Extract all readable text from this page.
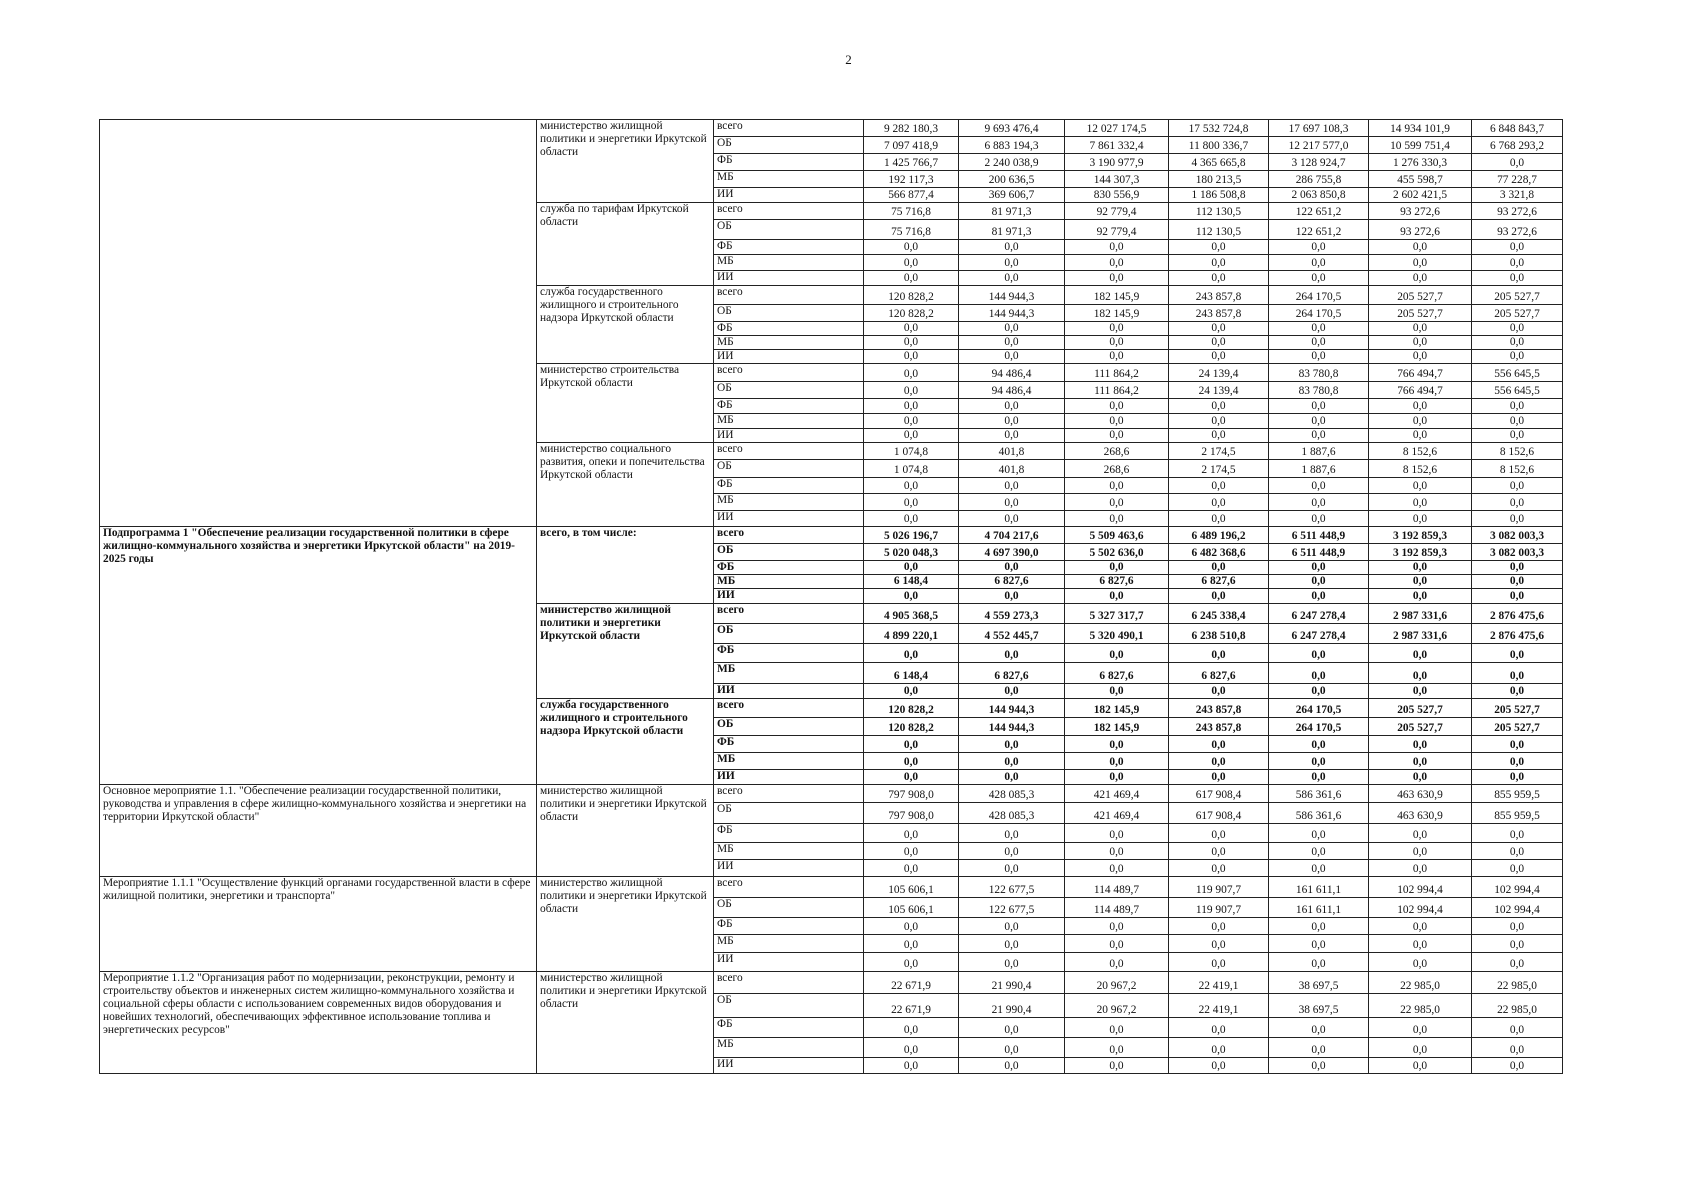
2
	министерство жилищной политики и энергетики Иркутской области	всего	9 282 180,3	9 693 476,4	12 027 174,5	17 532 724,8	17 697 108,3	14 934 101,9	6 848 843,7
		ОБ	7 097 418,9	6 883 194,3	7 861 332,4	11 800 336,7	12 217 577,0	10 599 751,4	6 768 293,2
		ФБ	1 425 766,7	2 240 038,9	3 190 977,9	4 365 665,8	3 128 924,7	1 276 330,3	0,0
		МБ	192 117,3	200 636,5	144 307,3	180 213,5	286 755,8	455 598,7	77 228,7
		ИИ	566 877,4	369 606,7	830 556,9	1 186 508,8	2 063 850,8	2 602 421,5	3 321,8
	служба по тарифам Иркутской области	всего	75 716,8	81 971,3	92 779,4	112 130,5	122 651,2	93 272,6	93 272,6
		ОБ	75 716,8	81 971,3	92 779,4	112 130,5	122 651,2	93 272,6	93 272,6
		ФБ	0,0	0,0	0,0	0,0	0,0	0,0	0,0
		МБ	0,0	0,0	0,0	0,0	0,0	0,0	0,0
		ИИ	0,0	0,0	0,0	0,0	0,0	0,0	0,0
	служба государственного жилищного и строительного надзора Иркутской области	всего	120 828,2	144 944,3	182 145,9	243 857,8	264 170,5	205 527,7	205 527,7
		ОБ	120 828,2	144 944,3	182 145,9	243 857,8	264 170,5	205 527,7	205 527,7
		ФБ	0,0	0,0	0,0	0,0	0,0	0,0	0,0
		МБ	0,0	0,0	0,0	0,0	0,0	0,0	0,0
		ИИ	0,0	0,0	0,0	0,0	0,0	0,0	0,0
	министерство строительства Иркутской области	всего	0,0	94 486,4	111 864,2	24 139,4	83 780,8	766 494,7	556 645,5
		ОБ	0,0	94 486,4	111 864,2	24 139,4	83 780,8	766 494,7	556 645,5
		ФБ	0,0	0,0	0,0	0,0	0,0	0,0	0,0
		МБ	0,0	0,0	0,0	0,0	0,0	0,0	0,0
		ИИ	0,0	0,0	0,0	0,0	0,0	0,0	0,0
	министерство социального развития, опеки и попечительства Иркутской области	всего	1 074,8	401,8	268,6	2 174,5	1 887,6	8 152,6	8 152,6
		ОБ	1 074,8	401,8	268,6	2 174,5	1 887,6	8 152,6	8 152,6
		ФБ	0,0	0,0	0,0	0,0	0,0	0,0	0,0
		МБ	0,0	0,0	0,0	0,0	0,0	0,0	0,0
		ИИ	0,0	0,0	0,0	0,0	0,0	0,0	0,0
Подпрограмма 1 "Обеспечение реализации государственной политики в сфере жилищно-коммунального хозяйства и энергетики Иркутской области" на 2019-2025 годы	всего, в том числе:	всего	5 026 196,7	4 704 217,6	5 509 463,6	6 489 196,2	6 511 448,9	3 192 859,3	3 082 003,3
		ОБ	5 020 048,3	4 697 390,0	5 502 636,0	6 482 368,6	6 511 448,9	3 192 859,3	3 082 003,3
		ФБ	0,0	0,0	0,0	0,0	0,0	0,0	0,0
		МБ	6 148,4	6 827,6	6 827,6	6 827,6	0,0	0,0	0,0
		ИИ	0,0	0,0	0,0	0,0	0,0	0,0	0,0
	министерство жилищной политики и энергетики Иркутской области	всего	4 905 368,5	4 559 273,3	5 327 317,7	6 245 338,4	6 247 278,4	2 987 331,6	2 876 475,6
		ОБ	4 899 220,1	4 552 445,7	5 320 490,1	6 238 510,8	6 247 278,4	2 987 331,6	2 876 475,6
		ФБ	0,0	0,0	0,0	0,0	0,0	0,0	0,0
		МБ	6 148,4	6 827,6	6 827,6	6 827,6	0,0	0,0	0,0
		ИИ	0,0	0,0	0,0	0,0	0,0	0,0	0,0
	служба государственного жилищного и строительного надзора Иркутской области	всего	120 828,2	144 944,3	182 145,9	243 857,8	264 170,5	205 527,7	205 527,7
		ОБ	120 828,2	144 944,3	182 145,9	243 857,8	264 170,5	205 527,7	205 527,7
		ФБ	0,0	0,0	0,0	0,0	0,0	0,0	0,0
		МБ	0,0	0,0	0,0	0,0	0,0	0,0	0,0
		ИИ	0,0	0,0	0,0	0,0	0,0	0,0	0,0
Основное мероприятие 1.1. "Обеспечение реализации государственной политики, руководства и управления в сфере жилищно-коммунального хозяйства и энергетики на территории Иркутской области"	министерство жилищной политики и энергетики Иркутской области	всего	797 908,0	428 085,3	421 469,4	617 908,4	586 361,6	463 630,9	855 959,5
		ОБ	797 908,0	428 085,3	421 469,4	617 908,4	586 361,6	463 630,9	855 959,5
		ФБ	0,0	0,0	0,0	0,0	0,0	0,0	0,0
		МБ	0,0	0,0	0,0	0,0	0,0	0,0	0,0
		ИИ	0,0	0,0	0,0	0,0	0,0	0,0	0,0
Мероприятие 1.1.1 "Осуществление функций органами государственной власти в сфере жилищной политики, энергетики и транспорта"	министерство жилищной политики и энергетики Иркутской области	всего	105 606,1	122 677,5	114 489,7	119 907,7	161 611,1	102 994,4	102 994,4
		ОБ	105 606,1	122 677,5	114 489,7	119 907,7	161 611,1	102 994,4	102 994,4
		ФБ	0,0	0,0	0,0	0,0	0,0	0,0	0,0
		МБ	0,0	0,0	0,0	0,0	0,0	0,0	0,0
		ИИ	0,0	0,0	0,0	0,0	0,0	0,0	0,0
Мероприятие 1.1.2 "Организация работ по модернизации, реконструкции, ремонту и строительству объектов и инженерных систем жилищно-коммунального хозяйства и социальной сферы области с использованием современных видов оборудования и новейших технологий, обеспечивающих эффективное использование топлива и энергетических ресурсов"	министерство жилищной политики и энергетики Иркутской области	всего	22 671,9	21 990,4	20 967,2	22 419,1	38 697,5	22 985,0	22 985,0
		ОБ	22 671,9	21 990,4	20 967,2	22 419,1	38 697,5	22 985,0	22 985,0
		ФБ	0,0	0,0	0,0	0,0	0,0	0,0	0,0
		МБ	0,0	0,0	0,0	0,0	0,0	0,0	0,0
		ИИ	0,0	0,0	0,0	0,0	0,0	0,0	0,0
